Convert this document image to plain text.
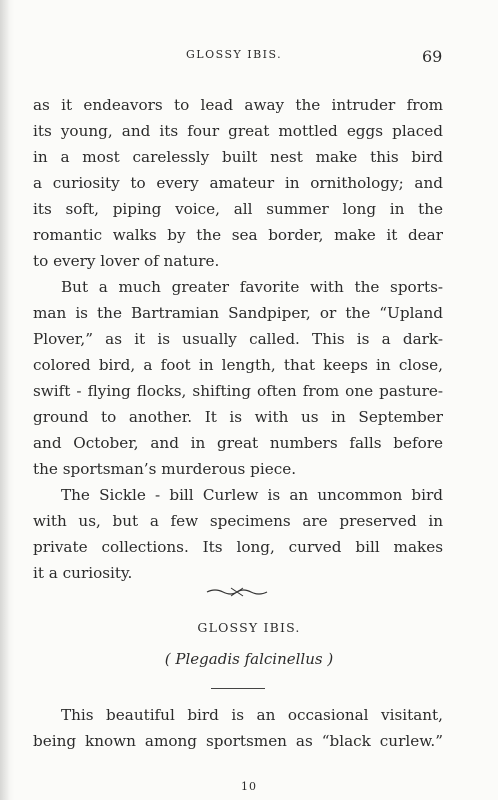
GLOSSY IBIS.	69
as it endeavors to lead away the intruder from
its young, and its four great mottled eggs placed
in a most carelessly built nest make this bird
a curiosity to every amateur in ornithology; and
its soft, piping voice, all summer long in the
romantic walks by the sea border, make it dear
to every lover of nature.
But a much greater favorite with the sports-
man is the Bartramian Sandpiper, or the “Upland
Plover,” as it is usually called. This is a dark-
colored bird, a foot in length, that keeps in close,
swift - flying flocks, shifting often from one pasture-
ground to another. It is with us in September
and October, and in great numbers falls before
the sportsman’s murderous piece.
The Sickle - bill Curlew is an uncommon bird
with us, but a few specimens are preserved in
private collections. Its long, curved bill makes
it a curiosity.
GLOSSY IBIS.
( Plegadis falcinellus )
This beautiful bird is an occasional visitant,
being known among sportsmen as “black curlew.”
10
